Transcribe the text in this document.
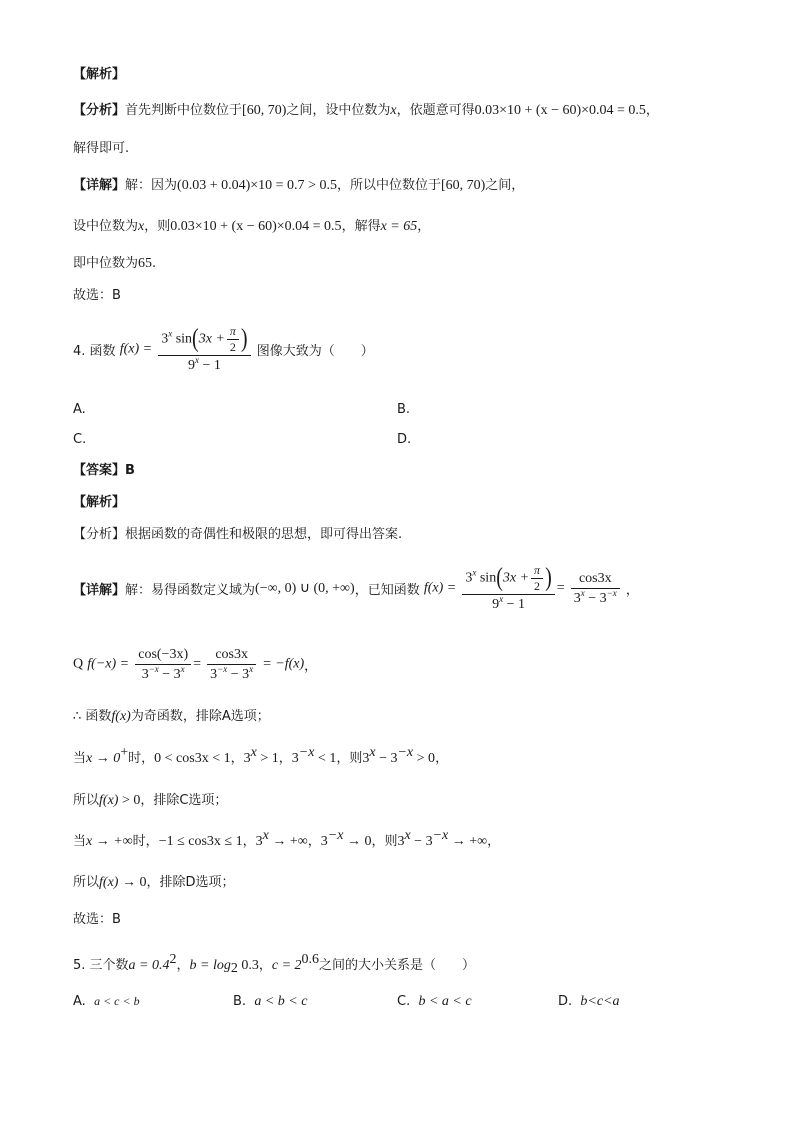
【解析】
【分析】首先判断中位数位于[60, 70)之间，设中位数为x，依题意可得0.03×10 + (x − 60)×0.04 = 0.5，
解得即可.
【详解】解：因为(0.03 + 0.04)×10 = 0.7 > 0.5，所以中位数位于[60, 70)之间，
设中位数为x，则0.03×10 + (x − 60)×0.04 = 0.5，解得x = 65，
即中位数为65.
故选：B
4. 函数 $f(x) = \frac{3^x \sin(3x + \frac{\pi}{2} )}{9^x - 1}$ 图像大致为（　　）
A.	B.
C.	D.
【答案】B
【解析】
【分析】根据函数的奇偶性和极限的思想，即可得出答案.
【详解】解：易得函数定义域为(−∞, 0) ∪ (0, +∞)，已知函数 $f(x) = \frac{3^x \sin(3x + \frac{\pi}{2} )}{9^x - 1} = \frac{\cos 3x}{3^x - 3^{-x}}$ ，
Q $f(-x) = \frac{\cos(-3x)}{3^{-x} - 3^x} = \frac{\cos 3x}{3^{-x} - 3^x} = -f(x)$，
∴ 函数f(x)为奇函数，排除A选项；
当x → 0+时，0 < cos3x < 1，$3^x > 1$，$3^{-x} < 1$，则$3^x - 3^{-x} > 0$，
所以f(x) > 0，排除C选项；
当x → +∞时，−1 ≤ cos3x ≤ 1，$3^x$ → +∞，$3^{-x} \to 0$，则$3^x - 3^{-x}$ → +∞，
所以f(x) → 0，排除D选项；
故选：B
5. 三个数$a = 0.4^2$，$b = \log_2 0.3$，$c = 2^{0.6}$之间的大小关系是（　　）
A. a < c < b	B. a < b < c	C. b < a < c	D. b<c<a
